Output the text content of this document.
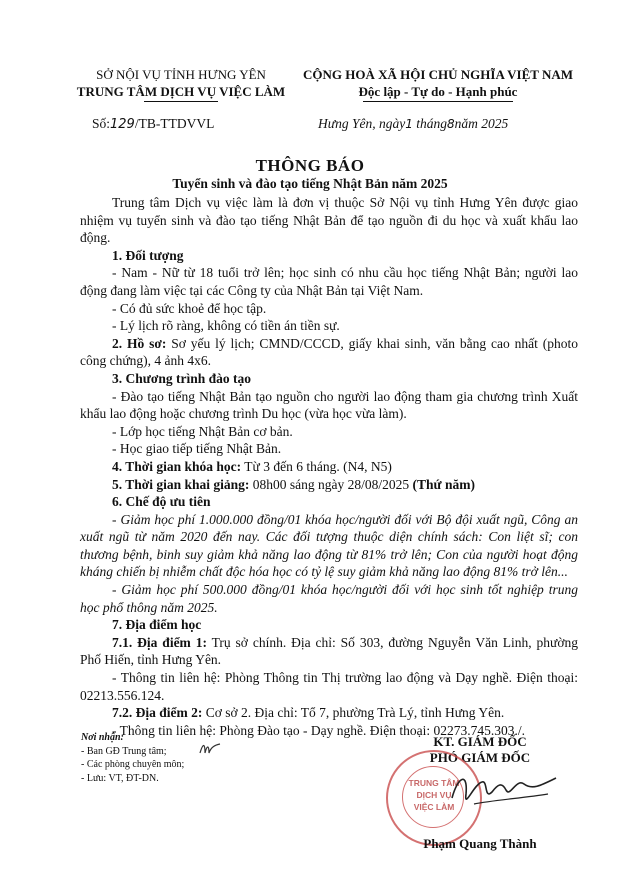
SỞ NỘI VỤ TỈNH HƯNG YÊN
TRUNG TÂM DỊCH VỤ VIỆC LÀM
CỘNG HOÀ XÃ HỘI CHỦ NGHĨA VIỆT NAM
Độc lập - Tự do - Hạnh phúc
Số:129/TB-TTDVVL	Hưng Yên, ngày1 tháng8năm 2025
THÔNG BÁO
Tuyển sinh và đào tạo tiếng Nhật Bản năm 2025

Trung tâm Dịch vụ việc làm là đơn vị thuộc Sở Nội vụ tỉnh Hưng Yên được giao nhiệm vụ tuyển sinh và đào tạo tiếng Nhật Bản để tạo nguồn đi du học và xuất khẩu lao động.

1. Đối tượng

- Nam - Nữ từ 18 tuổi trở lên; học sinh có nhu cầu học tiếng Nhật Bản; người lao động đang làm việc tại các Công ty của Nhật Bản tại Việt Nam.

- Có đủ sức khoẻ để học tập.

- Lý lịch rõ ràng, không có tiền án tiền sự.

2. Hồ sơ: Sơ yếu lý lịch; CMND/CCCD, giấy khai sinh, văn bằng cao nhất (photo công chứng), 4 ảnh 4x6.

3. Chương trình đào tạo

- Đào tạo tiếng Nhật Bản tạo nguồn cho người lao động tham gia chương trình Xuất khẩu lao động hoặc chương trình Du học (vừa học vừa làm).

- Lớp học tiếng Nhật Bản cơ bản.

- Học giao tiếp tiếng Nhật Bản.

4. Thời gian khóa học: Từ 3 đến 6 tháng. (N4, N5)

5. Thời gian khai giảng: 08h00 sáng ngày 28/08/2025 (Thứ năm)

6. Chế độ ưu tiên

- Giảm học phí 1.000.000 đồng/01 khóa học/người đối với Bộ đội xuất ngũ, Công an xuất ngũ từ năm 2020 đến nay. Các đối tượng thuộc diện chính sách: Con liệt sĩ; con thương bệnh, binh suy giảm khả năng lao động từ 81% trở lên; Con của người hoạt động kháng chiến bị nhiễm chất độc hóa học có tỷ lệ suy giảm khả năng lao động 81% trở lên...

- Giảm học phí 500.000 đồng/01 khóa học/người đối với học sinh tốt nghiệp trung học phổ thông năm 2025.

7. Địa điểm học

7.1. Địa điểm 1: Trụ sở chính. Địa chỉ: Số 303, đường Nguyễn Văn Linh, phường Phố Hiến, tỉnh Hưng Yên.

- Thông tin liên hệ: Phòng Thông tin Thị trường lao động và Dạy nghề. Điện thoại: 02213.556.124.

7.2. Địa điểm 2: Cơ sở 2. Địa chỉ: Tổ 7, phường Trà Lý, tỉnh Hưng Yên.

- Thông tin liên hệ: Phòng Đào tạo - Dạy nghề. Điện thoại: 02273.745.303./.

Nơi nhận:
- Ban GĐ Trung tâm;
- Các phòng chuyên môn;
- Lưu: VT, ĐT-DN.
KT. GIÁM ĐỐC
PHÓ GIÁM ĐỐC
TRUNG TÂM
DỊCH VỤ
VIỆC LÀM
Phạm Quang Thành
